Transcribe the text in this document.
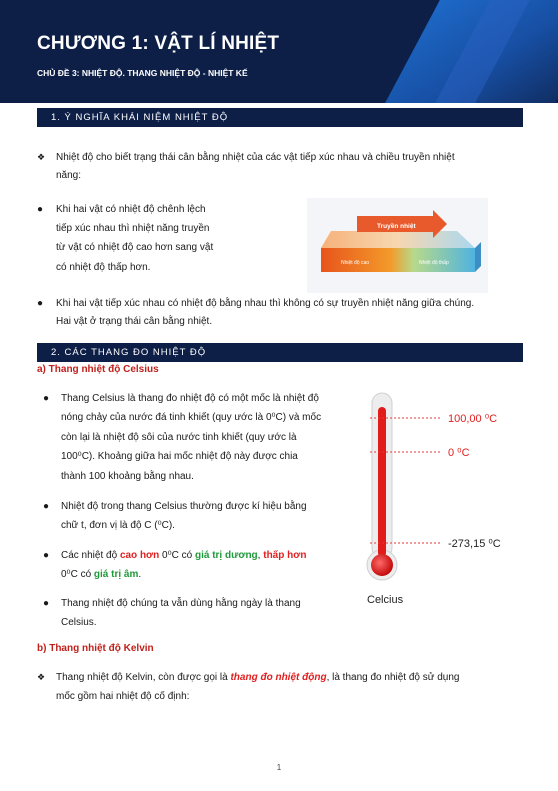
CHƯƠNG 1: VẬT LÍ NHIỆT
CHỦ ĐỀ 3: NHIỆT ĐỘ. THANG NHIỆT ĐỘ - NHIỆT KẾ
1. Ý NGHĨA KHÁI NIỆM NHIỆT ĐỘ
❖ Nhiệt độ cho biết trạng thái cân bằng nhiệt của các vật tiếp xúc nhau và chiều truyền nhiệt
năng:
● Khi hai vật có nhiệt độ chênh lệch
tiếp xúc nhau thì nhiệt năng truyền
từ vật có nhiệt độ cao hơn sang vật
có nhiệt độ thấp hơn.
Truyền nhiệt
Nhiệt độ cao	Nhiệt độ thấp
● Khi hai vật tiếp xúc nhau có nhiệt độ bằng nhau thì không có sự truyền nhiệt năng giữa chúng.
Hai vật ở trạng thái cân bằng nhiệt.
2. CÁC THANG ĐO NHIỆT ĐỘ
a) Thang nhiệt độ Celsius
● Thang Celsius là thang đo nhiệt độ có một mốc là nhiệt độ
nóng chảy của nước đá tinh khiết (quy ước là 0⁰C) và mốc
còn lại là nhiệt độ sôi của nước tinh khiết (quy ước là
100⁰C). Khoảng giữa hai mốc nhiệt độ này được chia
thành 100 khoảng bằng nhau.
● Nhiệt độ trong thang Celsius thường được kí hiệu bằng
chữ t, đơn vị là độ C (⁰C).
● Các nhiệt độ cao hơn 0⁰C có giá trị dương, thấp hơn
0⁰C có giá trị âm.
● Thang nhiệt độ chúng ta vẫn dùng hằng ngày là thang
Celsius.
100,00 ⁰C
0 ⁰C
-273,15 ⁰C
Celcius
b) Thang nhiệt độ Kelvin
❖ Thang nhiệt độ Kelvin, còn được gọi là thang đo nhiệt động, là thang đo nhiệt độ sử dụng
mốc gồm hai nhiệt độ cố định:
1
